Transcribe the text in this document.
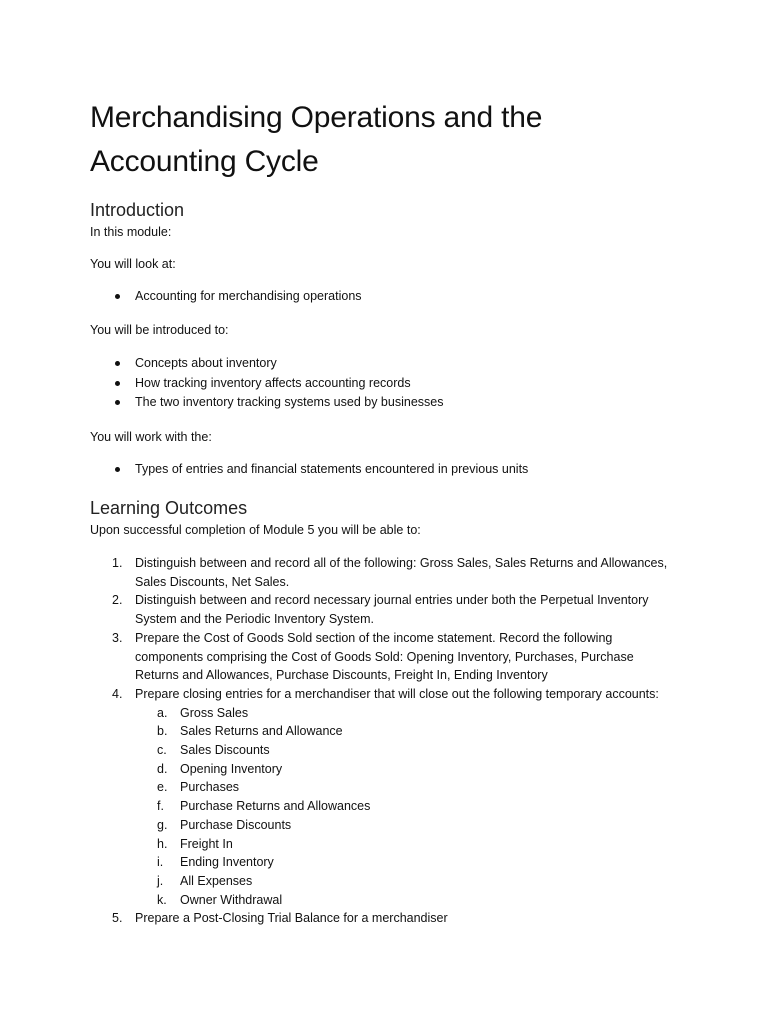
Merchandising Operations and the
Accounting Cycle
Introduction

In this module:

You will look at:

Accounting for merchandising operations

You will be introduced to:

Concepts about inventory
How tracking inventory affects accounting records
The two inventory tracking systems used by businesses

You will work with the:

Types of entries and financial statements encountered in previous units
Learning Outcomes

Upon successful completion of Module 5 you will be able to:

1. Distinguish between and record all of the following: Gross Sales, Sales Returns and Allowances, Sales Discounts, Net Sales.
2. Distinguish between and record necessary journal entries under both the Perpetual Inventory System and the Periodic Inventory System.
3. Prepare the Cost of Goods Sold section of the income statement. Record the following components comprising the Cost of Goods Sold: Opening Inventory, Purchases, Purchase Returns and Allowances, Purchase Discounts, Freight In, Ending Inventory
4. Prepare closing entries for a merchandiser that will close out the following temporary accounts:
a. Gross Sales
b. Sales Returns and Allowance
c. Sales Discounts
d. Opening Inventory
e. Purchases
f. Purchase Returns and Allowances
g. Purchase Discounts
h. Freight In
i. Ending Inventory
j. All Expenses
k. Owner Withdrawal
5. Prepare a Post-Closing Trial Balance for a merchandiser
